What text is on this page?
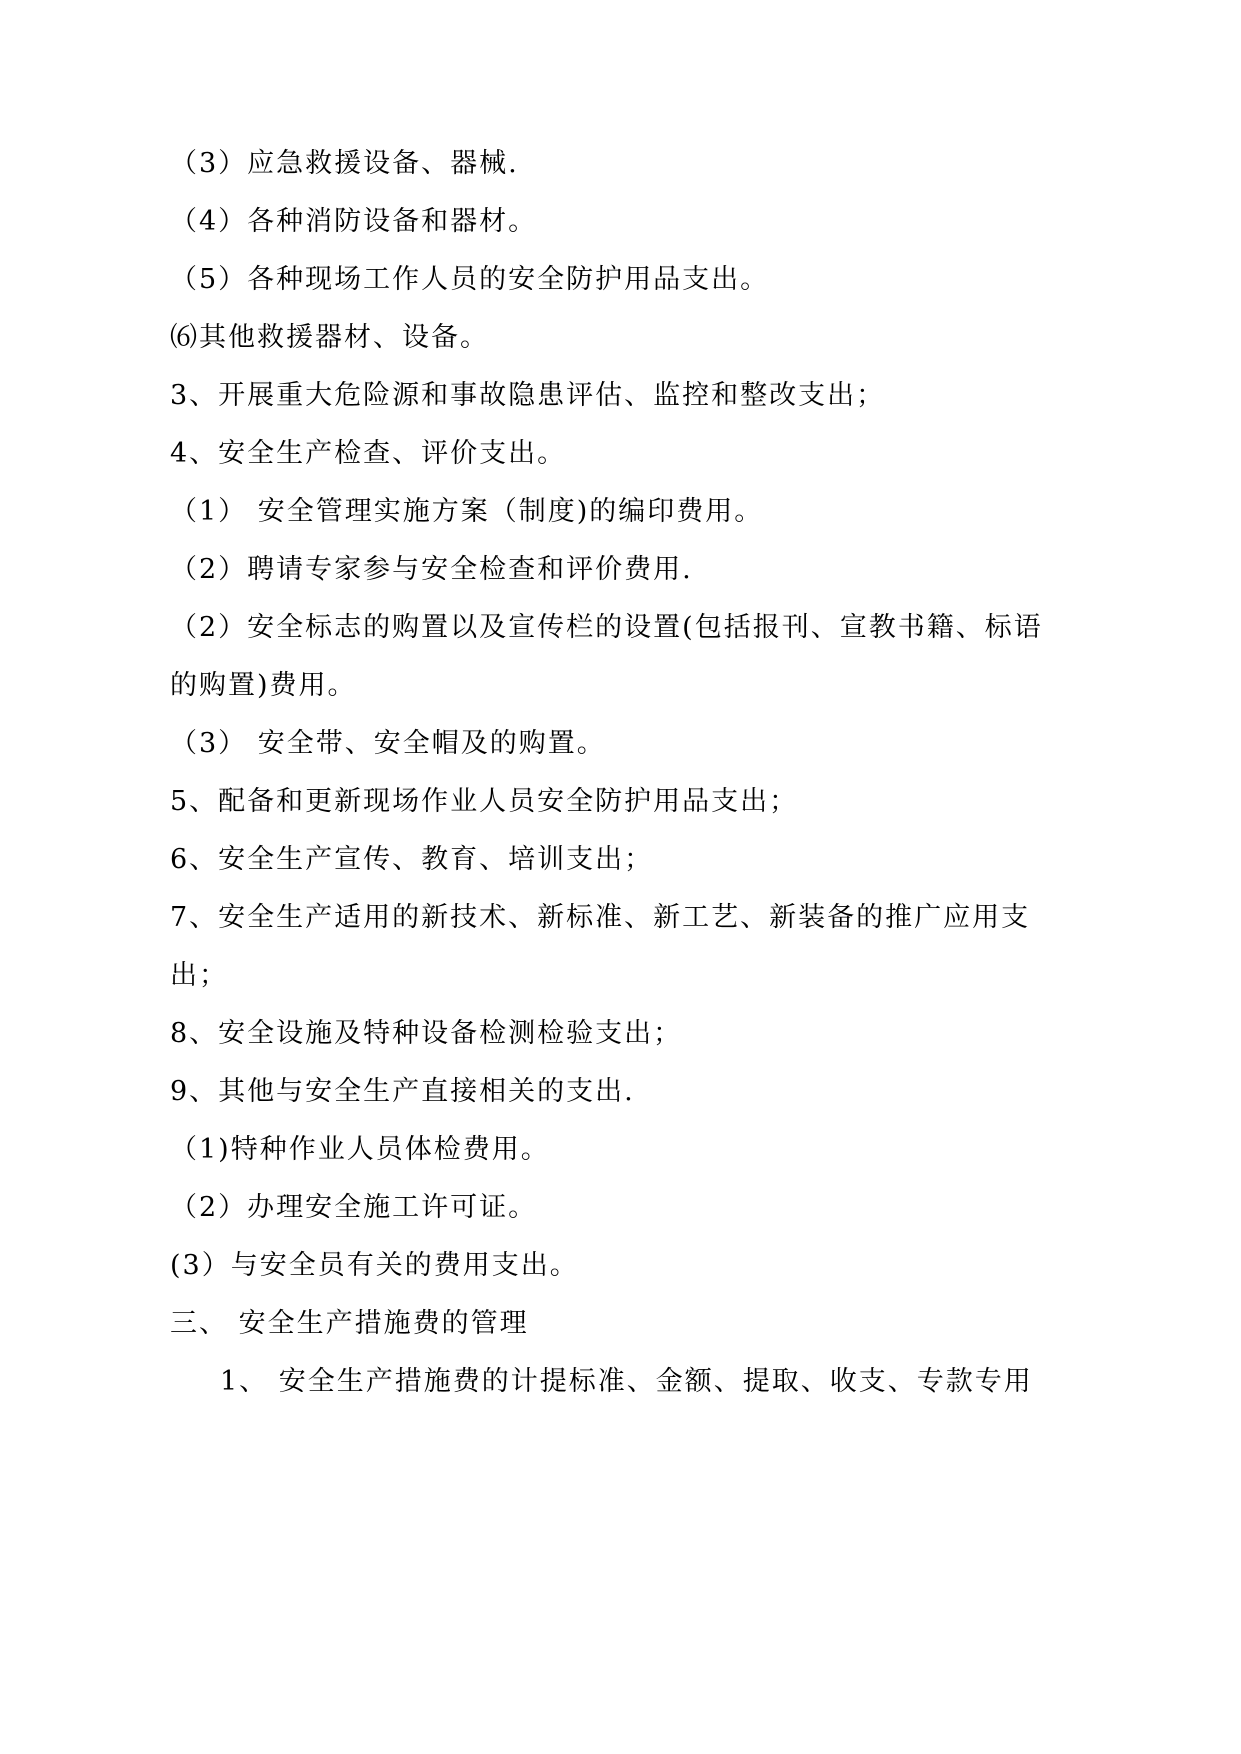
（3）应急救援设备、器械.
（4）各种消防设备和器材。
（5）各种现场工作人员的安全防护用品支出。
⑹其他救援器材、设备。
3、开展重大危险源和事故隐患评估、监控和整改支出；
4、安全生产检查、评价支出。
（1） 安全管理实施方案（制度)的编印费用。
（2）聘请专家参与安全检查和评价费用.
（2）安全标志的购置以及宣传栏的设置(包括报刊、宣教书籍、标语
的购置)费用。
（3） 安全带、安全帽及的购置。
5、配备和更新现场作业人员安全防护用品支出；
6、安全生产宣传、教育、培训支出；
7、安全生产适用的新技术、新标准、新工艺、新装备的推广应用支
出；
8、安全设施及特种设备检测检验支出；
9、其他与安全生产直接相关的支出.
（1)特种作业人员体检费用。
（2）办理安全施工许可证。
(3）与安全员有关的费用支出。
三、 安全生产措施费的管理
1、 安全生产措施费的计提标准、金额、提取、收支、专款专用
